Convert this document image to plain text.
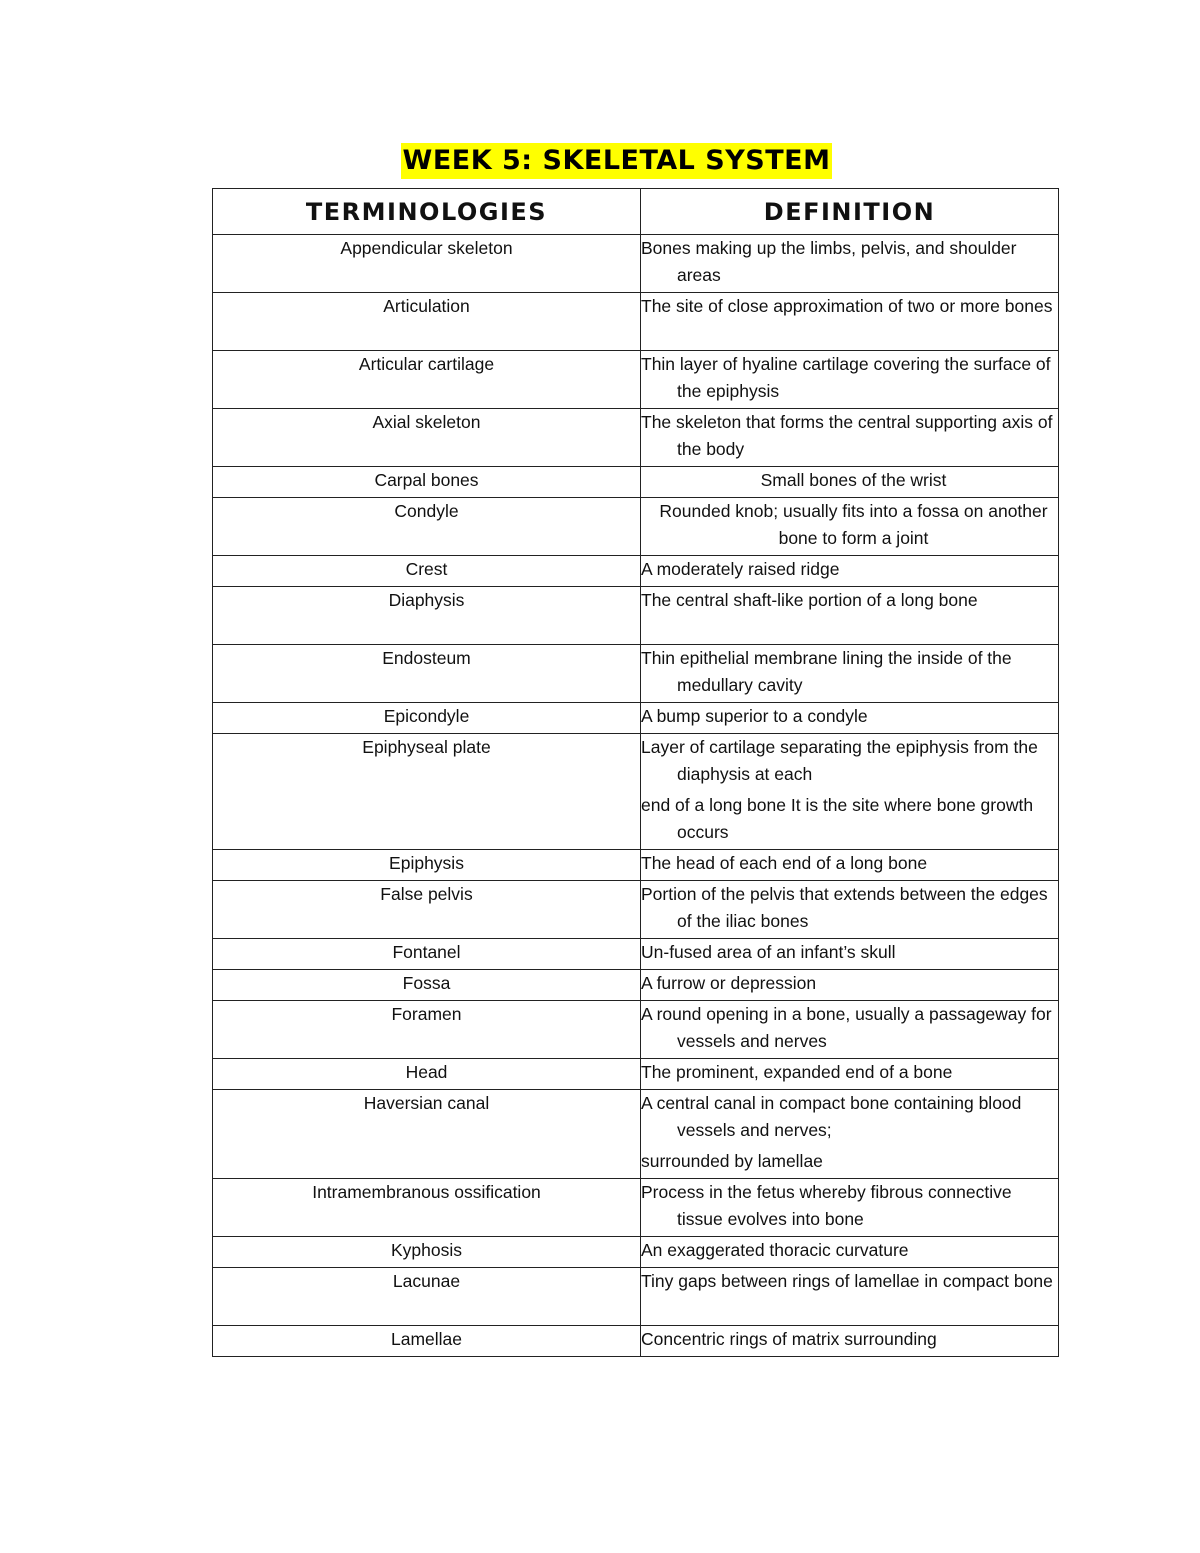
WEEK 5: SKELETAL SYSTEM
TERMINOLOGIES	DEFINITION
Appendicular skeleton	Bones making up the limbs, pelvis, and shoulder areas

Articulation	The site of close approximation of two or more bones

Articular cartilage	Thin layer of hyaline cartilage covering the surface of the epiphysis

Axial skeleton	The skeleton that forms the central supporting axis of the body

Carpal bones	Small bones of the wrist
Condyle	Rounded knob; usually fits into a fossa on another bone to form a joint
Crest	A moderately raised ridge

Diaphysis	The central shaft-like portion of a long bone

Endosteum	Thin epithelial membrane lining the inside of the medullary cavity

Epicondyle	A bump superior to a condyle

Epiphyseal plate	Layer of cartilage separating the epiphysis from the diaphysis at each
end of a long bone It is the site where bone growth occurs

Epiphysis	The head of each end of a long bone

False pelvis	Portion of the pelvis that extends between the edges of the iliac bones

Fontanel	Un-fused area of an infant’s skull

Fossa	A furrow or depression

Foramen	A round opening in a bone, usually a passageway for vessels and nerves

Head	The prominent, expanded end of a bone

Haversian canal	A central canal in compact bone containing blood vessels and nerves;
surrounded by lamellae

Intramembranous ossification	Process in the fetus whereby fibrous connective tissue evolves into bone

Kyphosis	An exaggerated thoracic curvature

Lacunae	Tiny gaps between rings of lamellae in compact bone

Lamellae	Concentric rings of matrix surrounding
